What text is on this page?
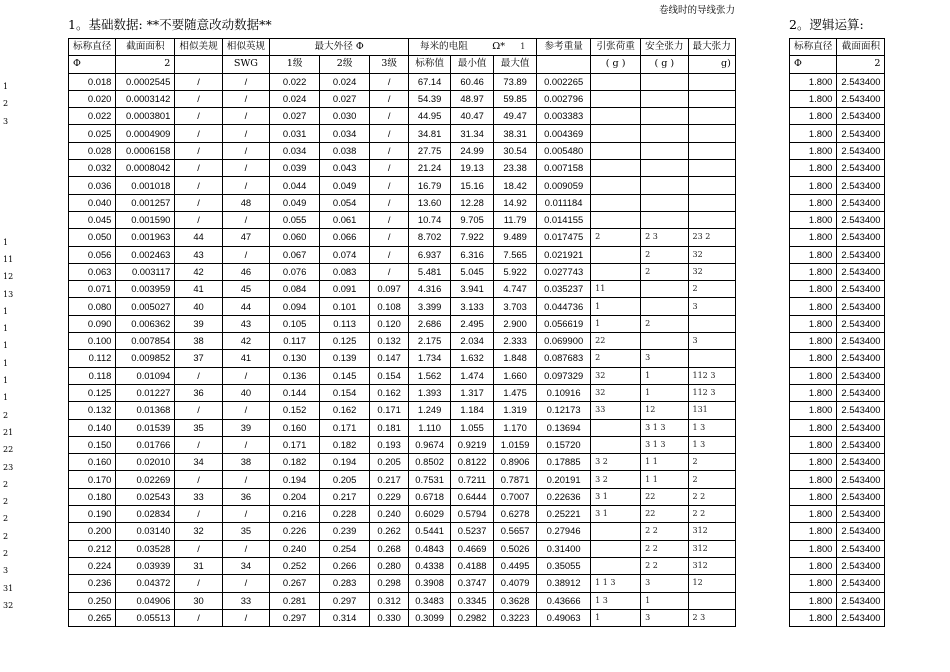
1。基础数据: **不要随意改动数据**	2。逻辑运算:
卷线时的导线张力
1
2
3
1
11
12
13
1
1
1
1
1
1
2
21
22
23
2
2
2
2
2
3
31
32
标称直径	截面面积	相似美规	相似英规	最大外径 Φ			每米的电阻 Ω* 1			参考重量	引张荷重	安全张力	最大张力
Φ	2		SWG	1级	2级	3级	标称值	最小值	最大值		( g )	( g )	g)
0.018	0.0002545	/	/	0.022	0.024	/	67.14	60.46	73.89	0.002265			
0.020	0.0003142	/	/	0.024	0.027	/	54.39	48.97	59.85	0.002796			
0.022	0.0003801	/	/	0.027	0.030	/	44.95	40.47	49.47	0.003383			
0.025	0.0004909	/	/	0.031	0.034	/	34.81	31.34	38.31	0.004369			
0.028	0.0006158	/	/	0.034	0.038	/	27.75	24.99	30.54	0.005480			
0.032	0.0008042	/	/	0.039	0.043	/	21.24	19.13	23.38	0.007158			
0.036	0.001018	/	/	0.044	0.049	/	16.79	15.16	18.42	0.009059			
0.040	0.001257	/	48	0.049	0.054	/	13.60	12.28	14.92	0.011184			
0.045	0.001590	/	/	0.055	0.061	/	10.74	9.705	11.79	0.014155			
0.050	0.001963	44	47	0.060	0.066	/	8.702	7.922	9.489	0.017475	2	2 3	23 2
0.056	0.002463	43	/	0.067	0.074	/	6.937	6.316	7.565	0.021921		2	32
0.063	0.003117	42	46	0.076	0.083	/	5.481	5.045	5.922	0.027743		2	32
0.071	0.003959	41	45	0.084	0.091	0.097	4.316	3.941	4.747	0.035237	11		2
0.080	0.005027	40	44	0.094	0.101	0.108	3.399	3.133	3.703	0.044736	1		3
0.090	0.006362	39	43	0.105	0.113	0.120	2.686	2.495	2.900	0.056619	1	2	
0.100	0.007854	38	42	0.117	0.125	0.132	2.175	2.034	2.333	0.069900	22		3
0.112	0.009852	37	41	0.130	0.139	0.147	1.734	1.632	1.848	0.087683	2	3	
0.118	0.01094	/	/	0.136	0.145	0.154	1.562	1.474	1.660	0.097329	32	1	112 3
0.125	0.01227	36	40	0.144	0.154	0.162	1.393	1.317	1.475	0.10916	32	1	112 3
0.132	0.01368	/	/	0.152	0.162	0.171	1.249	1.184	1.319	0.12173	33	12	131
0.140	0.01539	35	39	0.160	0.171	0.181	1.110	1.055	1.170	0.13694		3 1 3	1 3
0.150	0.01766	/	/	0.171	0.182	0.193	0.9674	0.9219	1.0159	0.15720		3 1 3	1 3
0.160	0.02010	34	38	0.182	0.194	0.205	0.8502	0.8122	0.8906	0.17885	3 2	1 1	2
0.170	0.02269	/	/	0.194	0.205	0.217	0.7531	0.7211	0.7871	0.20191	3 2	1 1	2
0.180	0.02543	33	36	0.204	0.217	0.229	0.6718	0.6444	0.7007	0.22636	3 1	22	2 2
0.190	0.02834	/	/	0.216	0.228	0.240	0.6029	0.5794	0.6278	0.25221	3 1	22	2 2
0.200	0.03140	32	35	0.226	0.239	0.262	0.5441	0.5237	0.5657	0.27946		2 2	312
0.212	0.03528	/	/	0.240	0.254	0.268	0.4843	0.4669	0.5026	0.31400		2 2	312
0.224	0.03939	31	34	0.252	0.266	0.280	0.4338	0.4188	0.4495	0.35055		2 2	312
0.236	0.04372	/	/	0.267	0.283	0.298	0.3908	0.3747	0.4079	0.38912	1 1 3	3	12
0.250	0.04906	30	33	0.281	0.297	0.312	0.3483	0.3345	0.3628	0.43666	1 3	1	
0.265	0.05513	/	/	0.297	0.314	0.330	0.3099	0.2982	0.3223	0.49063	1	3	2 3
标称直径	截面面积
Φ	2
1.800	2.543400
1.800	2.543400
1.800	2.543400
1.800	2.543400
1.800	2.543400
1.800	2.543400
1.800	2.543400
1.800	2.543400
1.800	2.543400
1.800	2.543400
1.800	2.543400
1.800	2.543400
1.800	2.543400
1.800	2.543400
1.800	2.543400
1.800	2.543400
1.800	2.543400
1.800	2.543400
1.800	2.543400
1.800	2.543400
1.800	2.543400
1.800	2.543400
1.800	2.543400
1.800	2.543400
1.800	2.543400
1.800	2.543400
1.800	2.543400
1.800	2.543400
1.800	2.543400
1.800	2.543400
1.800	2.543400
1.800	2.543400
